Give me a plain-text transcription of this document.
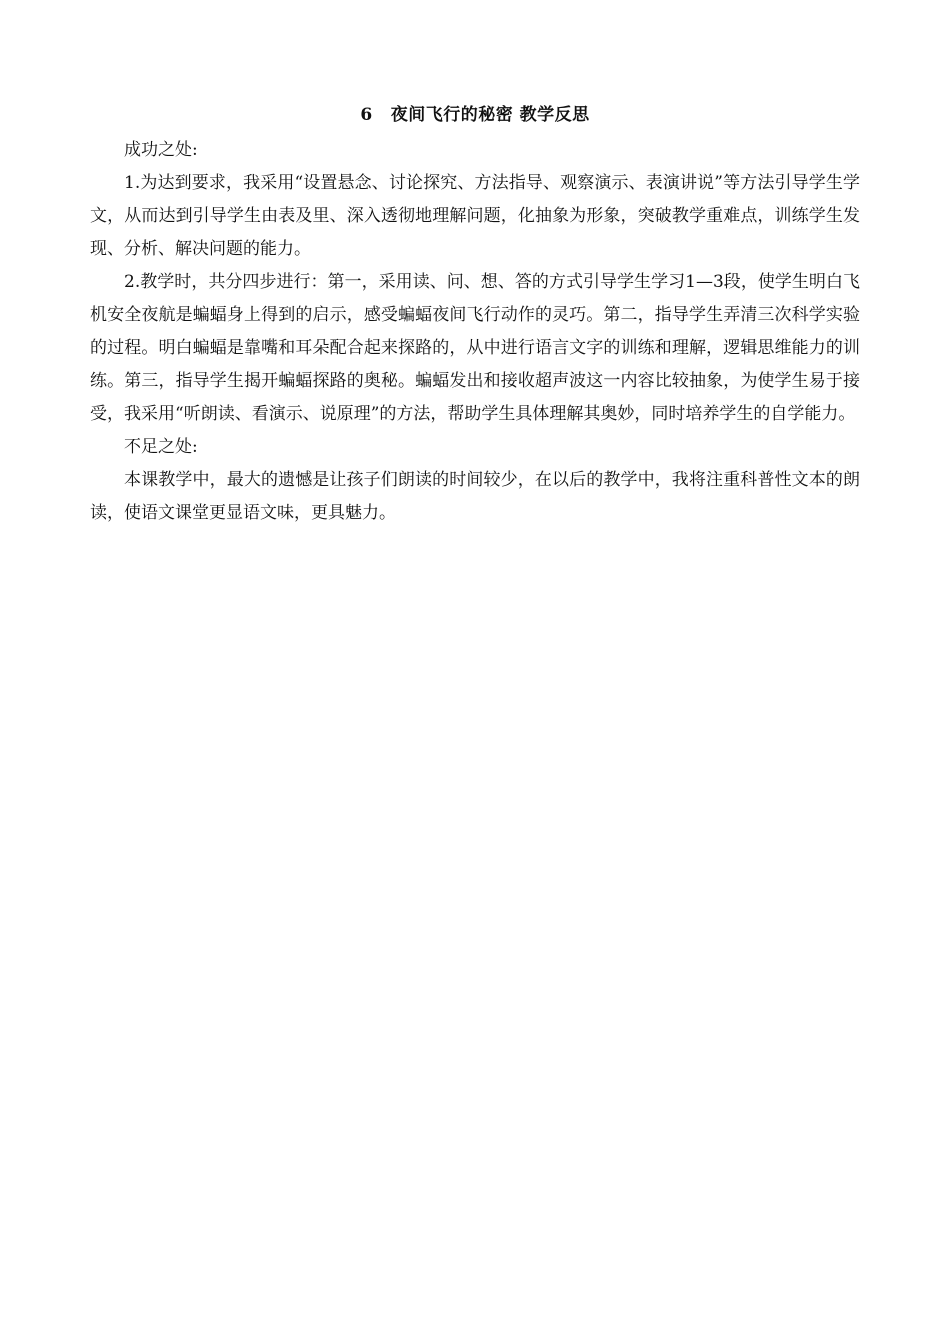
6 夜间飞行的秘密 教学反思

成功之处:

1.为达到要求，我采用“设置悬念、讨论探究、方法指导、观察演示、表演讲说”等方法引导学生学文，从而达到引导学生由表及里、深入透彻地理解问题，化抽象为形象，突破教学重难点，训练学生发现、分析、解决问题的能力。

2.教学时，共分四步进行：第一，采用读、问、想、答的方式引导学生学习1—3段，使学生明白飞机安全夜航是蝙蝠身上得到的启示，感受蝙蝠夜间飞行动作的灵巧。第二，指导学生弄清三次科学实验的过程。明白蝙蝠是靠嘴和耳朵配合起来探路的，从中进行语言文字的训练和理解，逻辑思维能力的训练。第三，指导学生揭开蝙蝠探路的奥秘。蝙蝠发出和接收超声波这一内容比较抽象，为使学生易于接受，我采用“听朗读、看演示、说原理”的方法，帮助学生具体理解其奥妙，同时培养学生的自学能力。

不足之处:

本课教学中，最大的遗憾是让孩子们朗读的时间较少，在以后的教学中，我将注重科普性文本的朗读，使语文课堂更显语文味，更具魅力。
